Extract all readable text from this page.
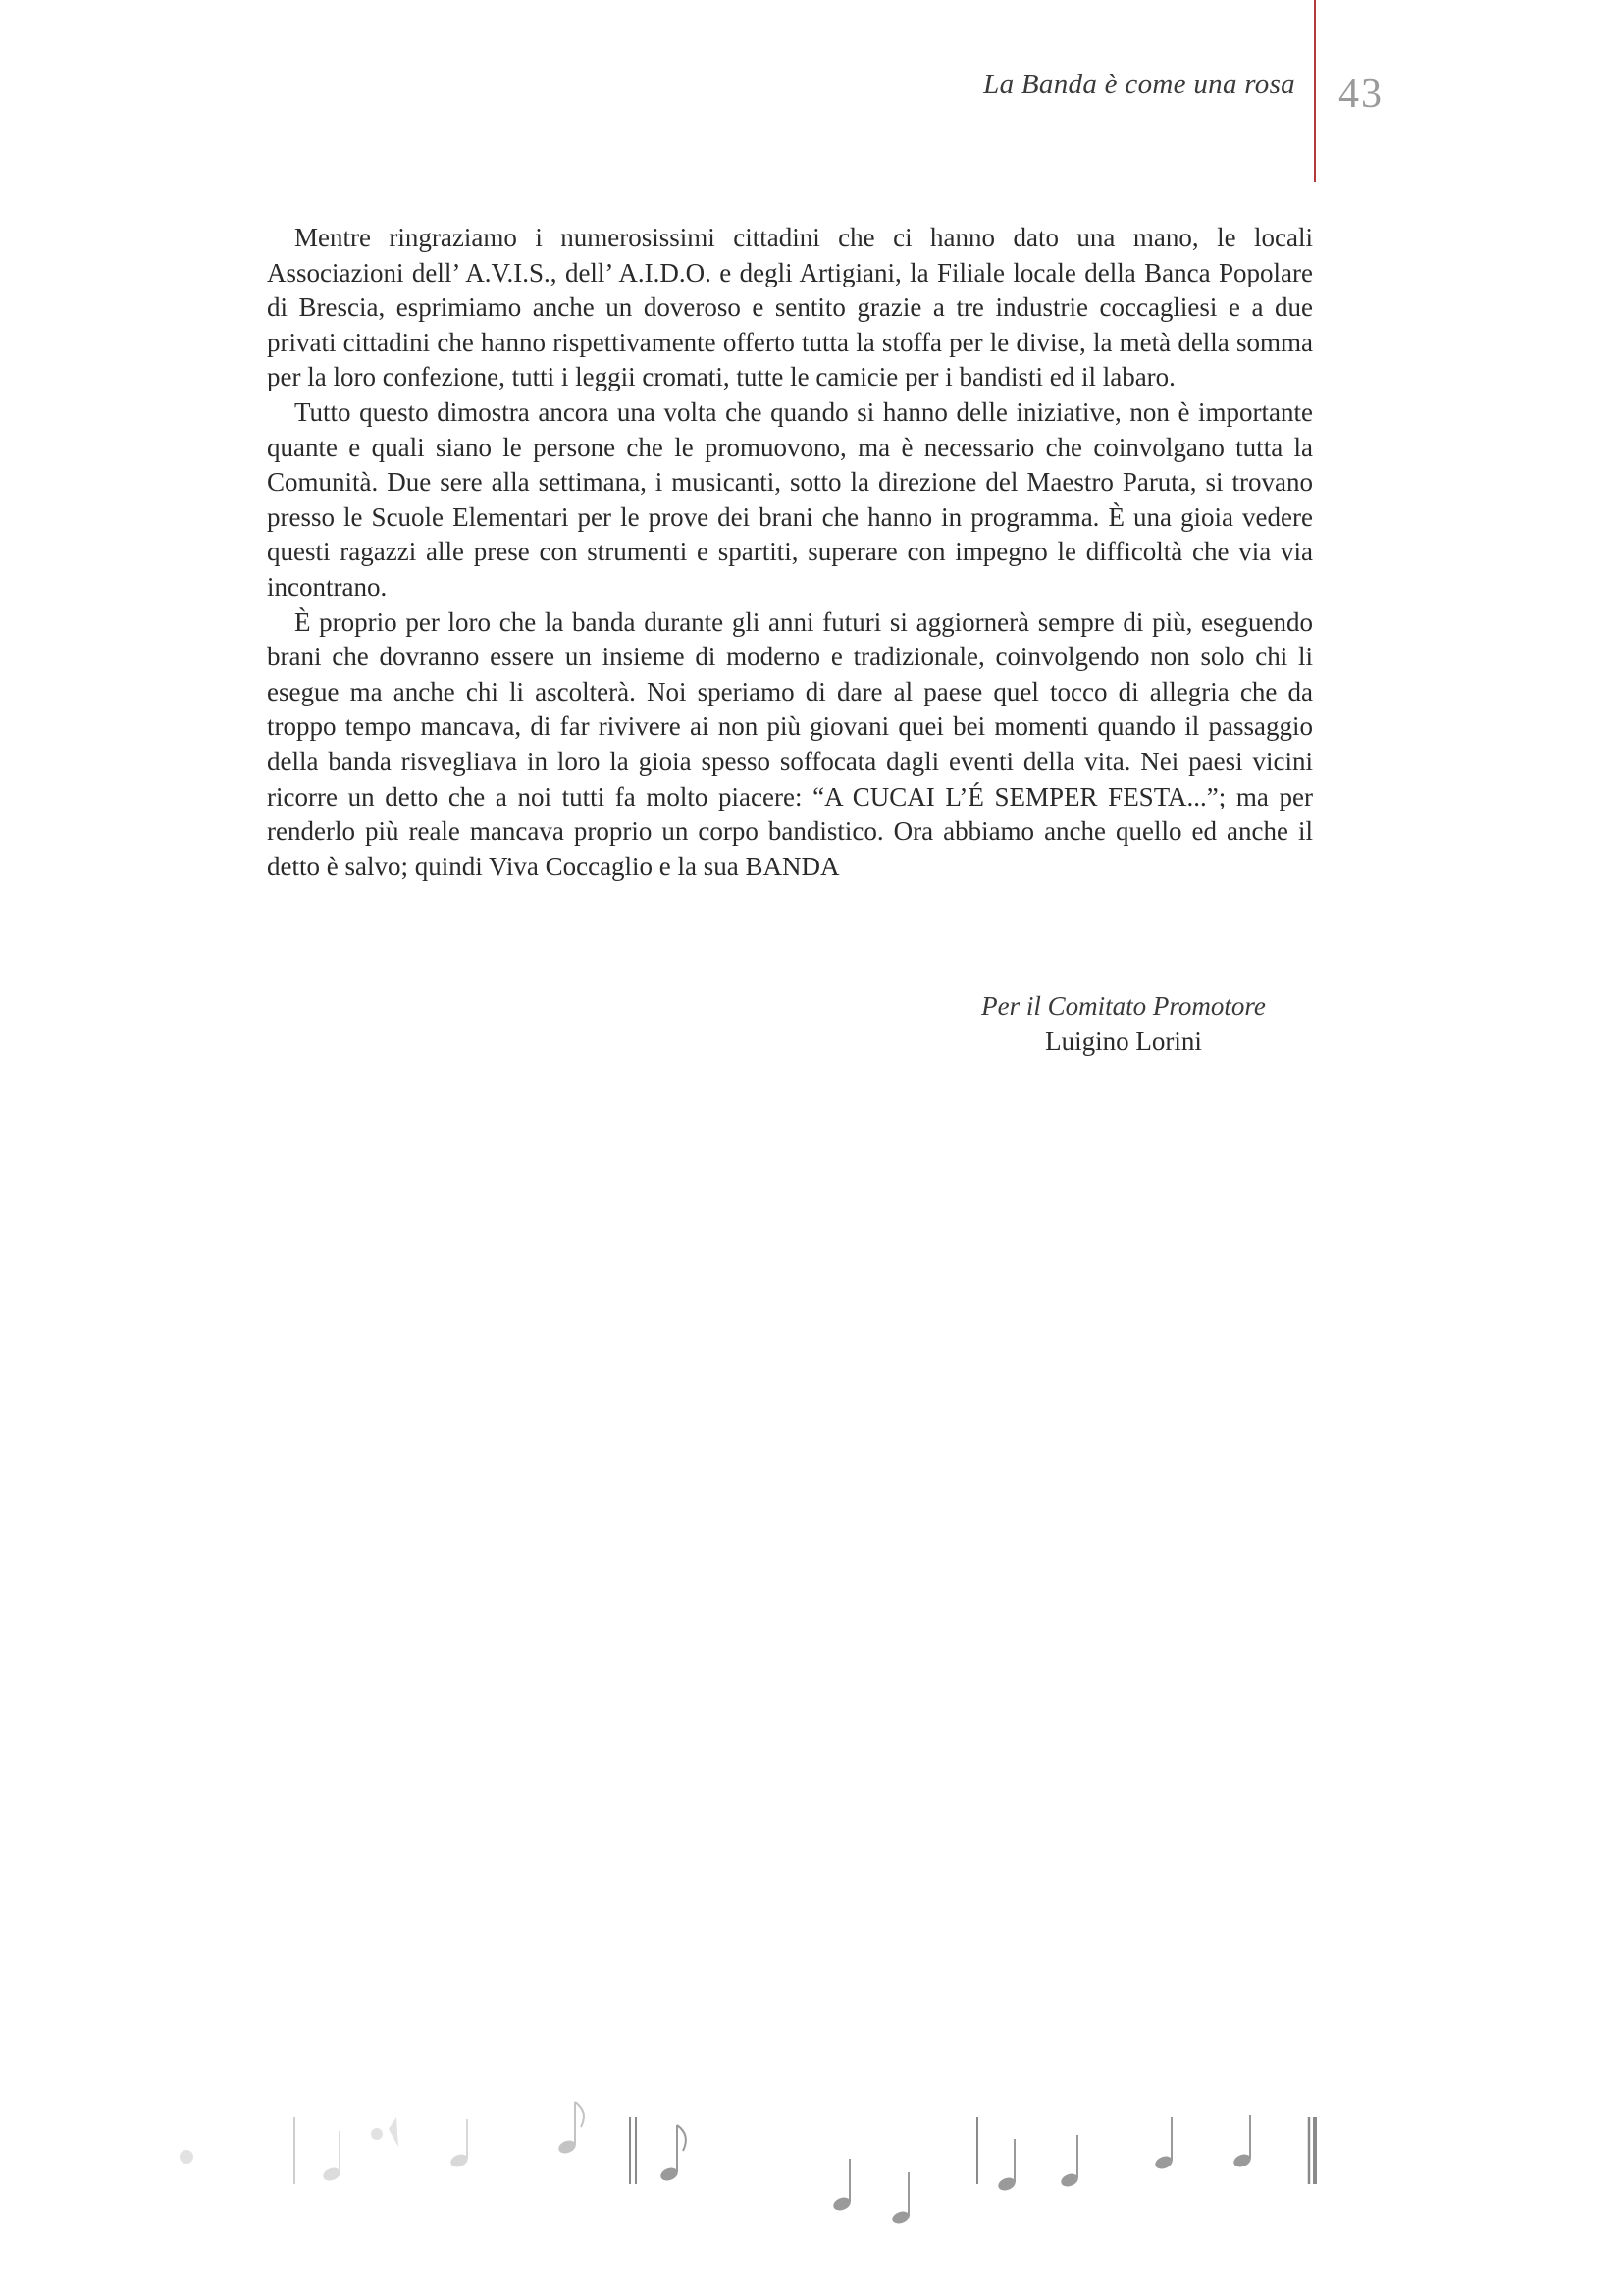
La Banda è come una rosa 43

Mentre ringraziamo i numerosissimi cittadini che ci hanno dato una mano, le locali Associazioni dell’ A.V.I.S., dell’ A.I.D.O. e degli Artigiani, la Filiale locale della Banca Popolare di Brescia, esprimiamo anche un doveroso e sentito grazie a tre industrie coccagliesi e a due privati cittadini che hanno rispettivamente offerto tutta la stoffa per le divise, la metà della somma per la loro confezione, tutti i leggii cromati, tutte le camicie per i bandisti ed il labaro.

Tutto questo dimostra ancora una volta che quando si hanno delle iniziative, non è importante quante e quali siano le persone che le promuovono, ma è necessario che coinvolgano tutta la Comunità. Due sere alla settimana, i musicanti, sotto la direzione del Maestro Paruta, si trovano presso le Scuole Elementari per le prove dei brani che hanno in programma. È una gioia vedere questi ragazzi alle prese con strumenti e spartiti, superare con impegno le difficoltà che via via incontrano.

È proprio per loro che la banda durante gli anni futuri si aggiornerà sempre di più, eseguendo brani che dovranno essere un insieme di moderno e tradizionale, coinvolgendo non solo chi li esegue ma anche chi li ascolterà. Noi speriamo di dare al paese quel tocco di allegria che da troppo tempo mancava, di far rivivere ai non più giovani quei bei momenti quando il passaggio della banda risvegliava in loro la gioia spesso soffocata dagli eventi della vita. Nei paesi vicini ricorre un detto che a noi tutti fa molto piacere: “A CUCAI L’É SEMPER FESTA...”; ma per renderlo più reale mancava proprio un corpo bandistico. Ora abbiamo anche quello ed anche il detto è salvo; quindi Viva Coccaglio e la sua BANDA

Per il Comitato Promotore
Luigino Lorini
